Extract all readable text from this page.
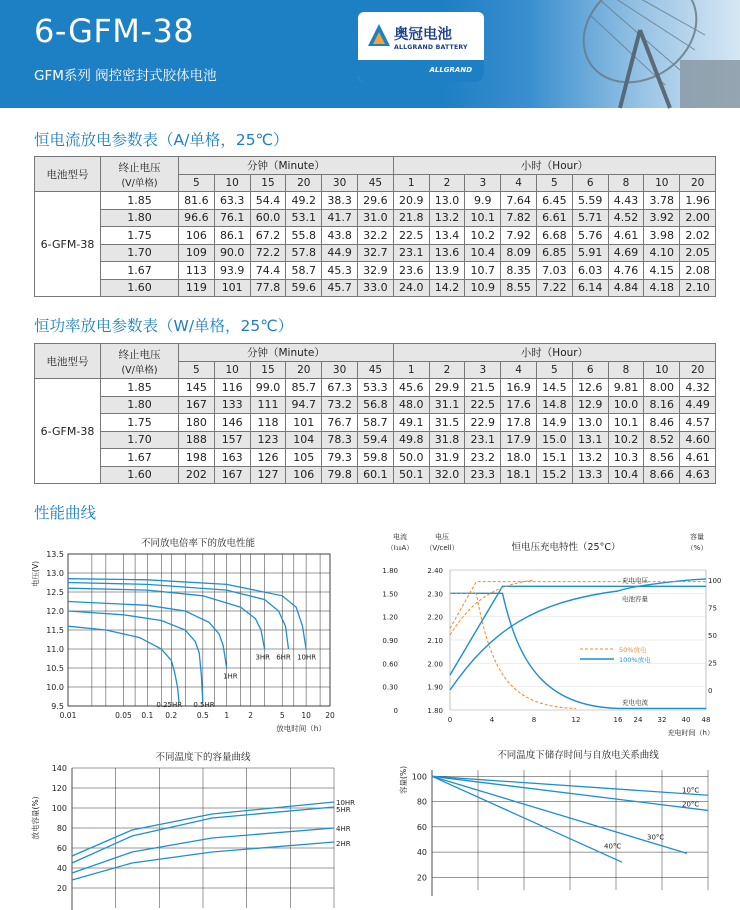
6-GFM-38
GFM系列 阀控密封式胶体电池
奥冠电池
ALLGRAND BATTERY
ALLGRAND
恒电流放电参数表（A/单格，25℃）
电池型号	终止电压
(V/单格)	分钟（Minute）						小时（Hour）								
		5	10	15	20	30	45	1	2	3	4	5	6	8	10	20
6-GFM-38	1.85	81.6	63.3	54.4	49.2	38.3	29.6	20.9	13.0	9.9	7.64	6.45	5.59	4.43	3.78	1.96
	1.80	96.6	76.1	60.0	53.1	41.7	31.0	21.8	13.2	10.1	7.82	6.61	5.71	4.52	3.92	2.00
	1.75	106	86.1	67.2	55.8	43.8	32.2	22.5	13.4	10.2	7.92	6.68	5.76	4.61	3.98	2.02
	1.70	109	90.0	72.2	57.8	44.9	32.7	23.1	13.6	10.4	8.09	6.85	5.91	4.69	4.10	2.05
	1.67	113	93.9	74.4	58.7	45.3	32.9	23.6	13.9	10.7	8.35	7.03	6.03	4.76	4.15	2.08
	1.60	119	101	77.8	59.6	45.7	33.0	24.0	14.2	10.9	8.55	7.22	6.14	4.84	4.18	2.10
恒功率放电参数表（W/单格，25℃）
电池型号	终止电压
(V/单格)	分钟（Minute）						小时（Hour）								
		5	10	15	20	30	45	1	2	3	4	5	6	8	10	20
6-GFM-38	1.85	145	116	99.0	85.7	67.3	53.3	45.6	29.9	21.5	16.9	14.5	12.6	9.81	8.00	4.32
	1.80	167	133	111	94.7	73.2	56.8	48.0	31.1	22.5	17.6	14.8	12.9	10.0	8.16	4.49
	1.75	180	146	118	101	76.7	58.7	49.1	31.5	22.9	17.8	14.9	13.0	10.1	8.46	4.57
	1.70	188	157	123	104	78.3	59.4	49.8	31.8	23.1	17.9	15.0	13.1	10.2	8.52	4.60
	1.67	198	163	126	105	79.3	59.8	50.0	31.9	23.2	18.0	15.1	13.2	10.3	8.56	4.61
	1.60	202	167	127	106	79.8	60.1	50.1	32.0	23.3	18.1	15.2	13.3	10.4	8.66	4.63
性能曲线
不同放电倍率下的放电性能
9.5
10.0
10.5
11.0
11.5
12.0
12.5
13.0
13.5
0.01	0.05 0.1 0.2	0.5 1	2	5 10 20
放电时间（h）
电压(V)
0.25HR 0.5HR
1HR
3HR 6HR 10HR
电流
（I₁₀A）
电压
（V/cell）
容量
（%）
恒电压充电特性（25°C）
0
0.30
0.60
0.90
1.20
1.50
1.80
1.80
1.90
2.00
2.10
2.20
2.30
2.40
0
25
50
75
100
0	4	8	12	16 24 32 40 48
充电时间（h）
充电电压
电池容量
充电电流
50%放电
100%放电
不同温度下的容量曲线
20
40
60
80
100
120
140
放电容量(%)	10HR
5HR
4HR
2HR
不同温度下储存时间与自放电关系曲线
20
40
60
80
100
容量(%)	10°C
20°C
30°C
40°C
